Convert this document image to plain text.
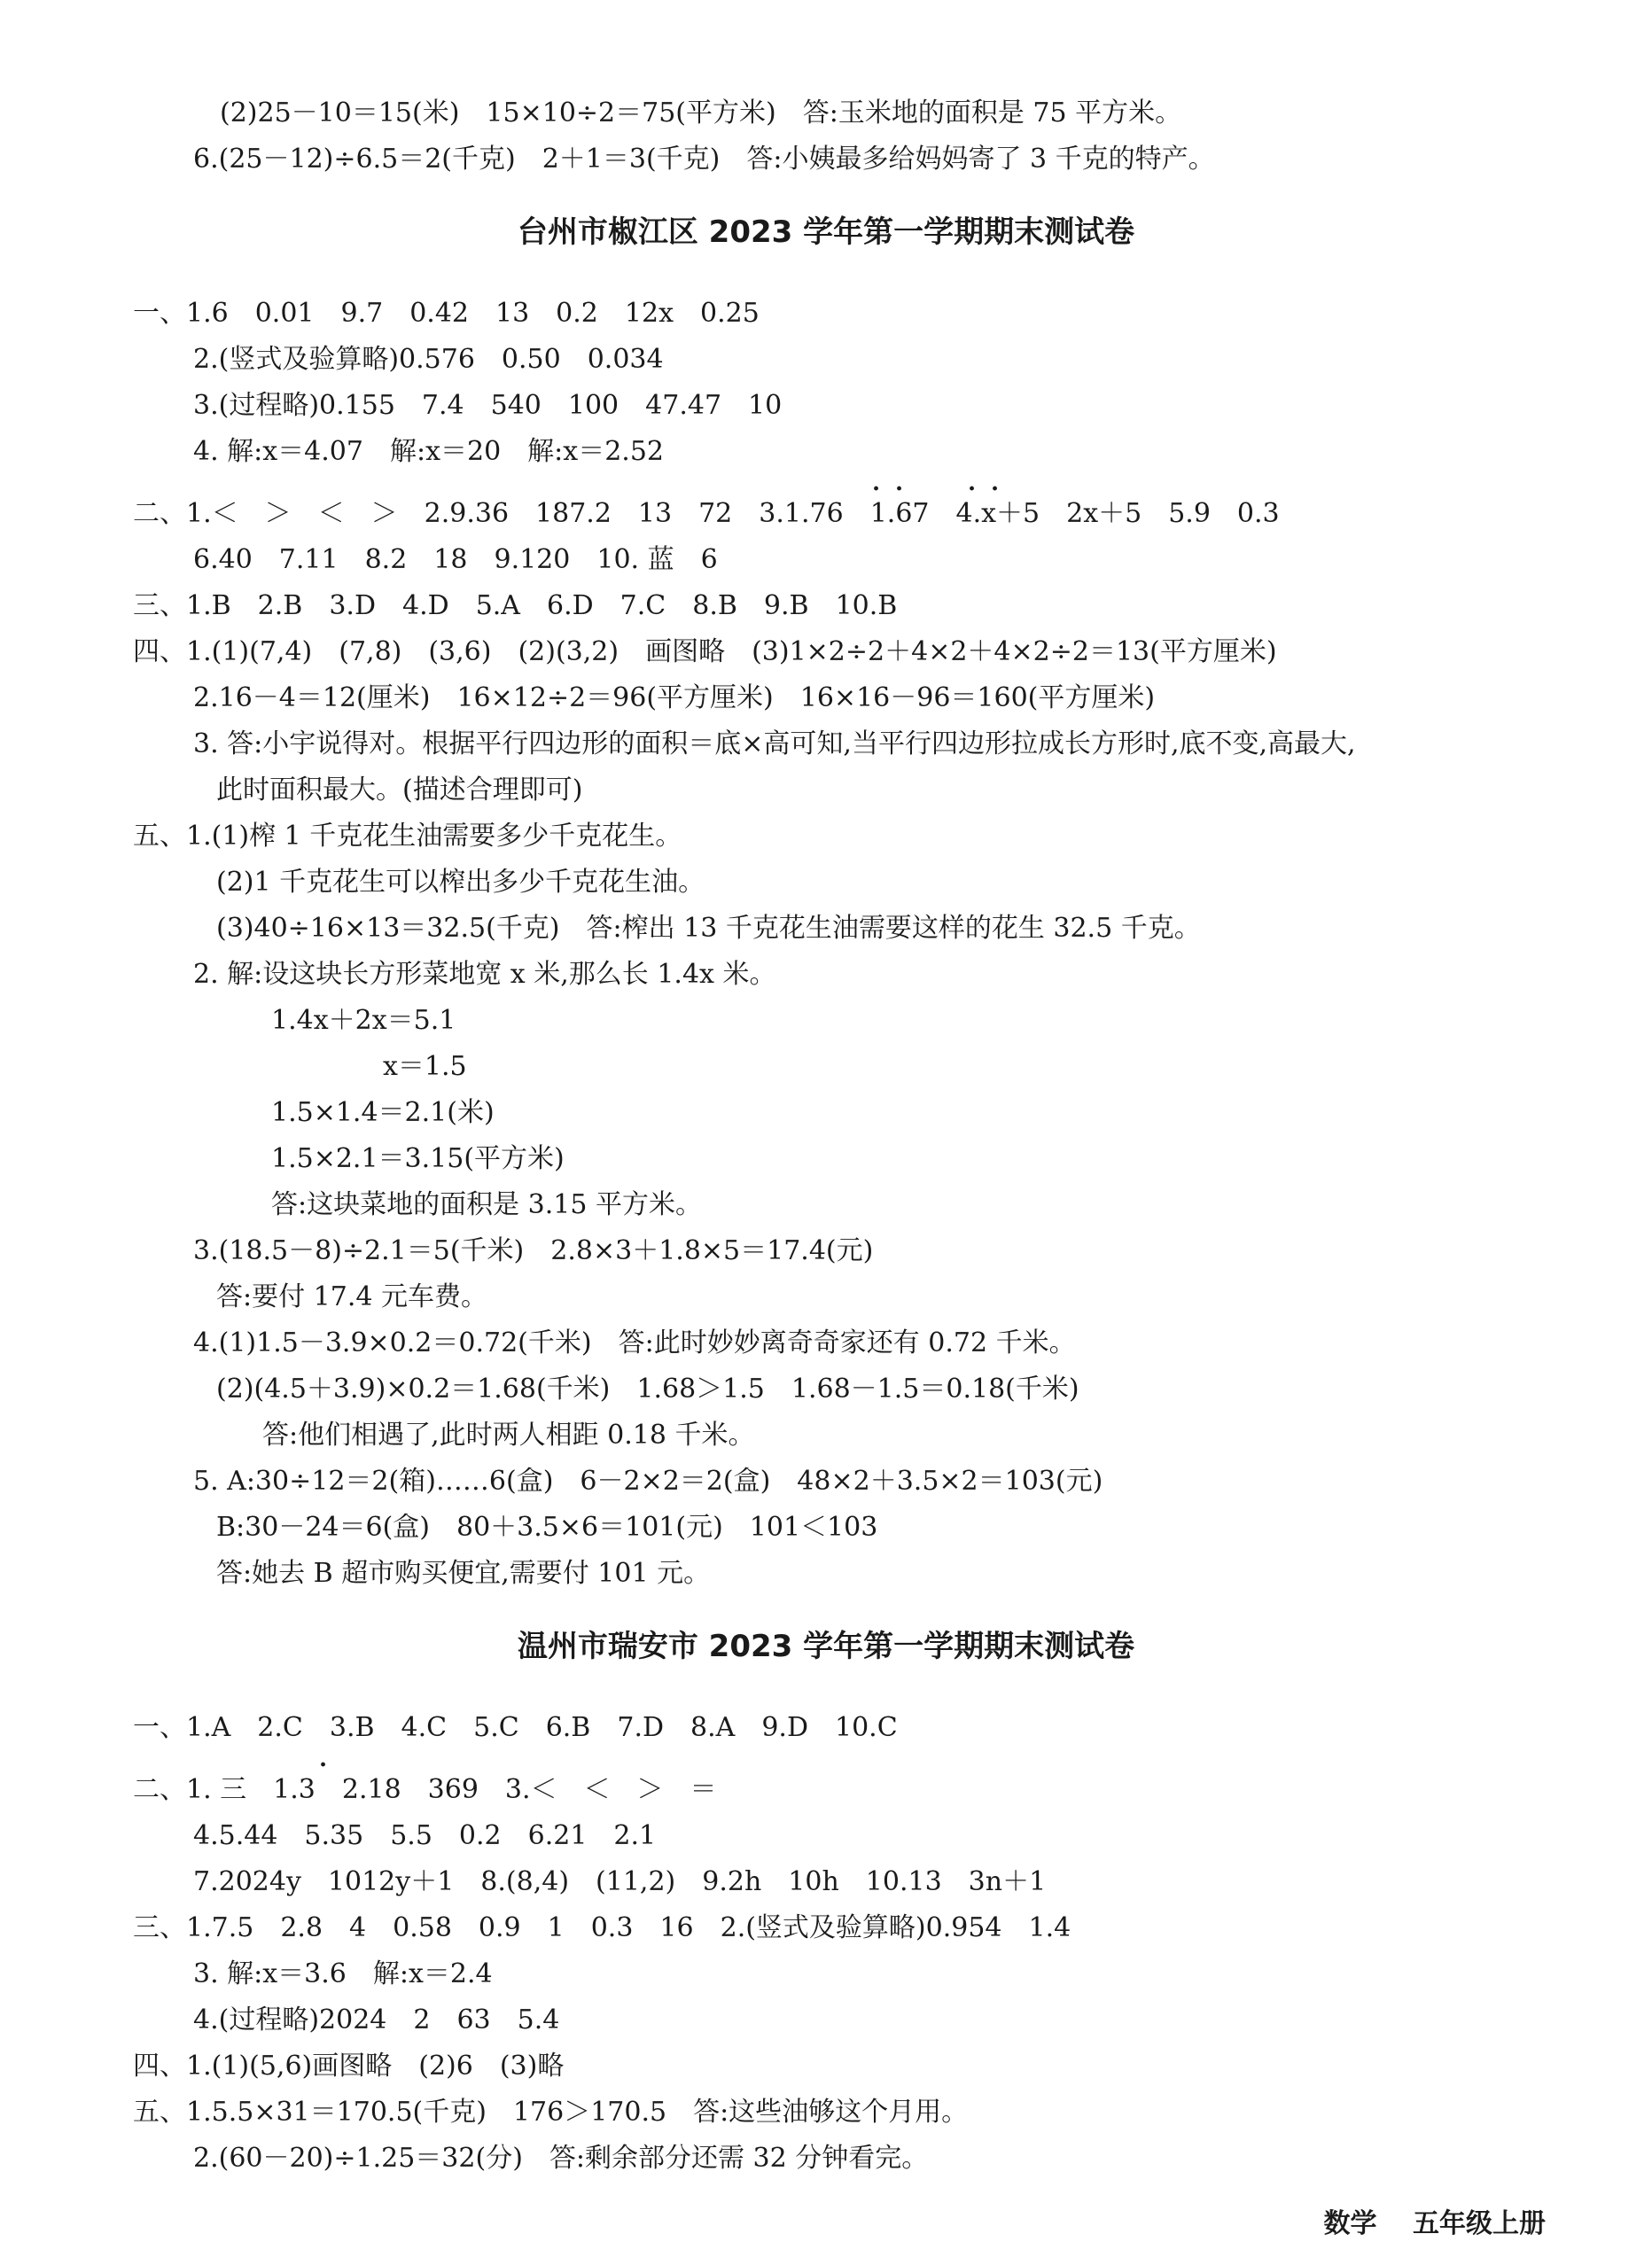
(2)25－10＝15(米)　15×10÷2＝75(平方米)　答:玉米地的面积是 75 平方米。
6.(25－12)÷6.5＝2(千克)　2＋1＝3(千克)　答:小姨最多给妈妈寄了 3 千克的特产。
台州市椒江区 2023 学年第一学期期末测试卷
一、1.6　0.01　9.7　0.42　13　0.2　12x　0.25
2.(竖式及验算略)0.576　0.50　0.034
3.(过程略)0.155　7.4　540　100　47.47　10
4. 解:x＝4.07　解:x＝20　解:x＝2.52
二、1.＜　＞　＜　＞　2.9.36　187.2　13　72　3.1.76　1.67　4.x＋5　2x＋5　5.9　0.3
6.40　7.11　8.2　18　9.120　10. 蓝　6
三、1.B　2.B　3.D　4.D　5.A　6.D　7.C　8.B　9.B　10.B
四、1.(1)(7,4)　(7,8)　(3,6)　(2)(3,2)　画图略　(3)1×2÷2＋4×2＋4×2÷2＝13(平方厘米)
2.16－4＝12(厘米)　16×12÷2＝96(平方厘米)　16×16－96＝160(平方厘米)
3. 答:小宇说得对。根据平行四边形的面积＝底×高可知,当平行四边形拉成长方形时,底不变,高最大,
此时面积最大。(描述合理即可)
五、1.(1)榨 1 千克花生油需要多少千克花生。
(2)1 千克花生可以榨出多少千克花生油。
(3)40÷16×13＝32.5(千克)　答:榨出 13 千克花生油需要这样的花生 32.5 千克。
2. 解:设这块长方形菜地宽 x 米,那么长 1.4x 米。
1.4x＋2x＝5.1
x＝1.5
1.5×1.4＝2.1(米)
1.5×2.1＝3.15(平方米)
答:这块菜地的面积是 3.15 平方米。
3.(18.5－8)÷2.1＝5(千米)　2.8×3＋1.8×5＝17.4(元)
答:要付 17.4 元车费。
4.(1)1.5－3.9×0.2＝0.72(千米)　答:此时妙妙离奇奇家还有 0.72 千米。
(2)(4.5＋3.9)×0.2＝1.68(千米)　1.68＞1.5　1.68－1.5＝0.18(千米)
答:他们相遇了,此时两人相距 0.18 千米。
5. A:30÷12＝2(箱)……6(盒)　6－2×2＝2(盒)　48×2＋3.5×2＝103(元)
B:30－24＝6(盒)　80＋3.5×6＝101(元)　101＜103
答:她去 B 超市购买便宜,需要付 101 元。
温州市瑞安市 2023 学年第一学期期末测试卷
一、1.A　2.C　3.B　4.C　5.C　6.B　7.D　8.A　9.D　10.C
二、1. 三　1.3　2.18　369　3.＜　＜　＞　＝
4.5.44　5.35　5.5　0.2　6.21　2.1
7.2024y　1012y＋1　8.(8,4)　(11,2)　9.2h　10h　10.13　3n＋1
三、1.7.5　2.8　4　0.58　0.9　1　0.3　16　2.(竖式及验算略)0.954　1.4
3. 解:x＝3.6　解:x＝2.4
4.(过程略)2024　2　63　5.4
四、1.(1)(5,6)画图略　(2)6　(3)略
五、1.5.5×31＝170.5(千克)　176＞170.5　答:这些油够这个月用。
2.(60－20)÷1.25＝32(分)　答:剩余部分还需 32 分钟看完。
· ·	· ·
·
数学 五年级上册
